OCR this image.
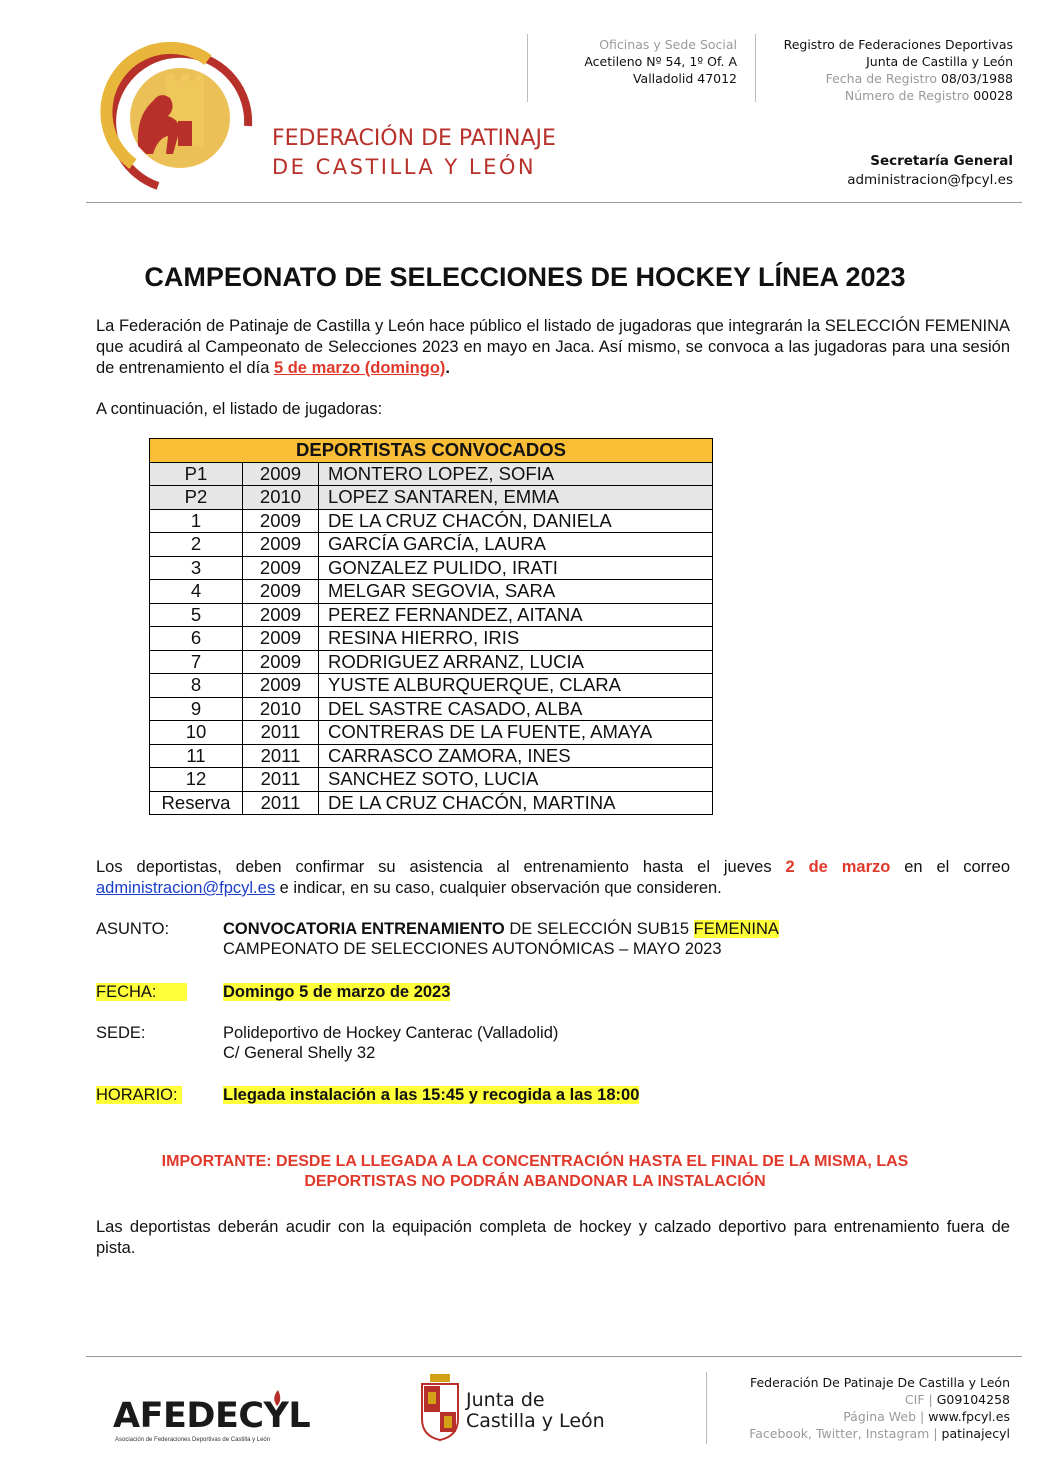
FEDERACIÓN DE PATINAJE
DE CASTILLA Y LEÓN
Oficinas y Sede Social
Acetileno Nº 54, 1º Of. A
Valladolid 47012
Registro de Federaciones Deportivas
Junta de Castilla y León
Fecha de Registro 08/03/1988
Número de Registro 00028
Secretaría General
administracion@fpcyl.es
CAMPEONATO DE SELECCIONES DE HOCKEY LÍNEA 2023
La Federación de Patinaje de Castilla y León hace público el listado de jugadoras que integrarán la SELECCIÓN FEMENINA que acudirá al Campeonato de Selecciones 2023 en mayo en Jaca. Así mismo, se convoca a las jugadoras para una sesión de entrenamiento el día 5 de marzo (domingo).
A continuación, el listado de jugadoras:
DEPORTISTAS CONVOCADOS		
P1	2009	MONTERO LOPEZ, SOFIA
P2	2010	LOPEZ SANTAREN, EMMA
1	2009	DE LA CRUZ CHACÓN, DANIELA
2	2009	GARCÍA GARCÍA, LAURA
3	2009	GONZALEZ PULIDO, IRATI
4	2009	MELGAR SEGOVIA, SARA
5	2009	PEREZ FERNANDEZ, AITANA
6	2009	RESINA HIERRO, IRIS
7	2009	RODRIGUEZ ARRANZ, LUCIA
8	2009	YUSTE ALBURQUERQUE, CLARA
9	2010	DEL SASTRE CASADO, ALBA
10	2011	CONTRERAS DE LA FUENTE, AMAYA
11	2011	CARRASCO ZAMORA, INES
12	2011	SANCHEZ SOTO, LUCIA
Reserva	2011	DE LA CRUZ CHACÓN, MARTINA
Los deportistas, deben confirmar su asistencia al entrenamiento hasta el jueves 2 de marzo en el correo administracion@fpcyl.es e indicar, en su caso, cualquier observación que consideren.
ASUNTO:	CONVOCATORIA ENTRENAMIENTO DE SELECCIÓN SUB15 FEMENINA
CAMPEONATO DE SELECCIONES AUTONÓMICAS – MAYO 2023
FECHA:	Domingo 5 de marzo de 2023
SEDE:	Polideportivo de Hockey Canterac (Valladolid)
C/ General Shelly 32
HORARIO:	Llegada instalación a las 15:45 y recogida a las 18:00
IMPORTANTE: DESDE LA LLEGADA A LA CONCENTRACIÓN HASTA EL FINAL DE LA MISMA, LAS
DEPORTISTAS NO PODRÁN ABANDONAR LA INSTALACIÓN
Las deportistas deberán acudir con la equipación completa de hockey y calzado deportivo para entrenamiento fuera de pista.
AFEDECYL
Asociación de Federaciones Deportivas de Castilla y León
Junta de
Castilla y León
Federación De Patinaje De Castilla y León
CIF | G09104258
Página Web | www.fpcyl.es
Facebook, Twitter, Instagram | patinajecyl
